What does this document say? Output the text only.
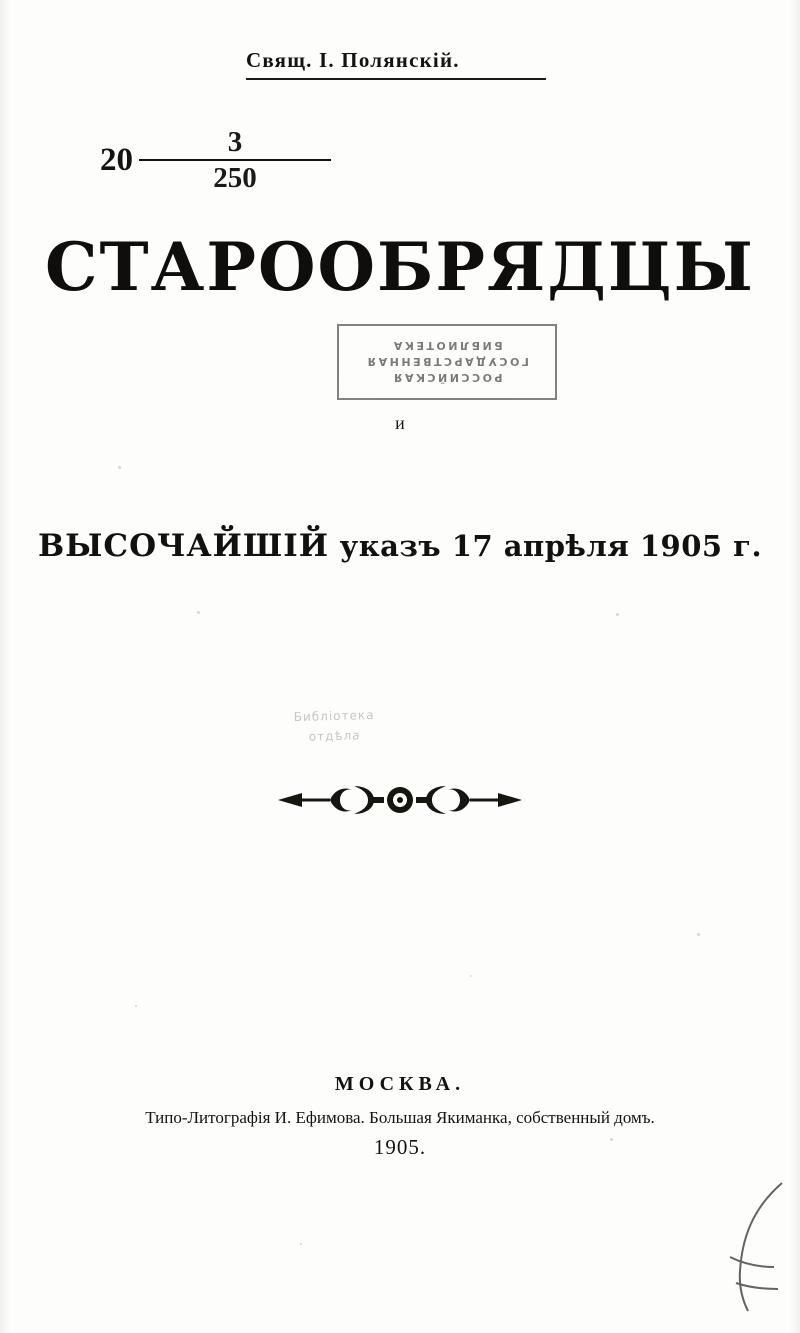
Свящ. I. Полянскiй.
$20 \frac{3}{250}$
СТАРООБРЯДЦЫ
РОССИЙСКАЯ
ГОСУДАРСТВЕННАЯ
БИБЛИОТЕКА
и
ВЫСОЧАЙШIЙ указъ 17 апрѣля 1905 г.
Библiотека
отдѣла
МОСКВА.
Типо-Литографiя И. Ефимова. Большая Якиманка, собственный домъ.
1905.
